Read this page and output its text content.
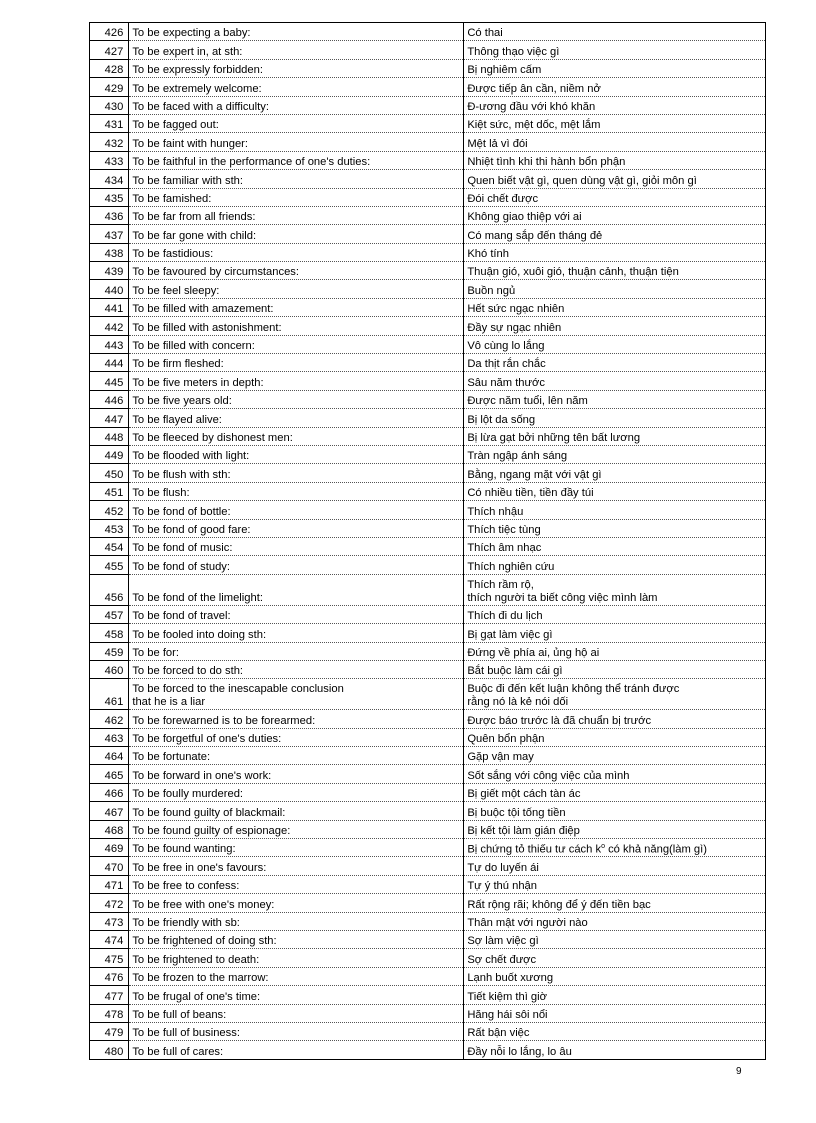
426	To be expecting a baby:	Có thai
427	To be expert in, at sth:	Thông thạo việc gì
428	To be expressly forbidden:	Bị nghiêm cấm
429	To be extremely welcome:	Được tiếp ân cần, niềm nở
430	To be faced with a difficulty:	Đ-ương đầu với khó khăn
431	To be fagged out:	Kiệt sức, mệt dốc, mệt lắm
432	To be faint with hunger:	Mệt lả vì đói
433	To be faithful in the performance of one's duties:	Nhiệt tình khi thi hành bổn phận
434	To be familiar with sth:	Quen biết vật gì, quen dùng vật gì, giỏi môn gì
435	To be famished:	Đói chết được
436	To be far from all friends:	Không giao thiệp với ai
437	To be far gone with child:	Có mang sắp đến tháng đẻ
438	To be fastidious:	Khó tính
439	To be favoured by circumstances:	Thuận gió, xuôi gió, thuận cảnh, thuận tiện
440	To be feel sleepy:	Buồn ngủ
441	To be filled with amazement:	Hết sức ngạc nhiên
442	To be filled with astonishment:	Đầy sự ngạc nhiên
443	To be filled with concern:	Vô cùng lo lắng
444	To be firm fleshed:	Da thịt rắn chắc
445	To be five meters in depth:	Sâu năm thước
446	To be five years old:	Được năm tuổi, lên năm
447	To be flayed alive:	Bị lột da sống
448	To be fleeced by dishonest men:	Bị lừa gạt bởi những tên bất lương
449	To be flooded with light:	Tràn ngập ánh sáng
450	To be flush with sth:	Bằng, ngang mặt với vật gì
451	To be flush:	Có nhiều tiền, tiền đầy túi
452	To be fond of bottle:	Thích nhậu
453	To be fond of good fare:	Thích tiệc tùng
454	To be fond of music:	Thích âm nhạc
455	To be fond of study:	Thích nghiên cứu
456	To be fond of the limelight:	Thích rầm rộ,
thích người ta biết công việc mình làm

457	To be fond of travel:	Thích đi du lịch
458	To be fooled into doing sth:	Bị gạt làm việc gì
459	To be for:	Đứng về phía ai, ủng hộ ai
460	To be forced to do sth:	Bắt buộc làm cái gì
461	To be forced to the inescapable conclusion
that he is a liar	Buộc đi đến kết luận không thể tránh được
rằng nó là kẻ nói dối

462	To be forewarned is to be forearmed:	Được báo trước là đã chuẩn bị trước
463	To be forgetful of one's duties:	Quên bổn phận
464	To be fortunate:	Gặp vận may
465	To be forward in one's work:	Sốt sắng với công việc của mình
466	To be foully murdered:	Bị giết một cách tàn ác
467	To be found guilty of blackmail:	Bị buộc tội tống tiền
468	To be found guilty of espionage:	Bị kết tội làm gián điệp
469	To be found wanting:	Bị chứng tỏ thiếu tư cách $k^o$ có khả năng(làm gì)
470	To be free in one's favours:	Tự do luyến ái
471	To be free to confess:	Tự ý thú nhận
472	To be free with one's money:	Rất rộng rãi; không để ý đến tiền bạc
473	To be friendly with sb:	Thân mật với người nào
474	To be frightened of doing sth:	Sợ làm việc gì
475	To be frightened to death:	Sợ chết được
476	To be frozen to the marrow:	Lạnh buốt xương
477	To be frugal of one's time:	Tiết kiệm thì giờ
478	To be full of beans:	Hăng hái sôi nổi
479	To be full of business:	Rất bận việc
480	To be full of cares:	Đầy nỗi lo lắng, lo âu
9
